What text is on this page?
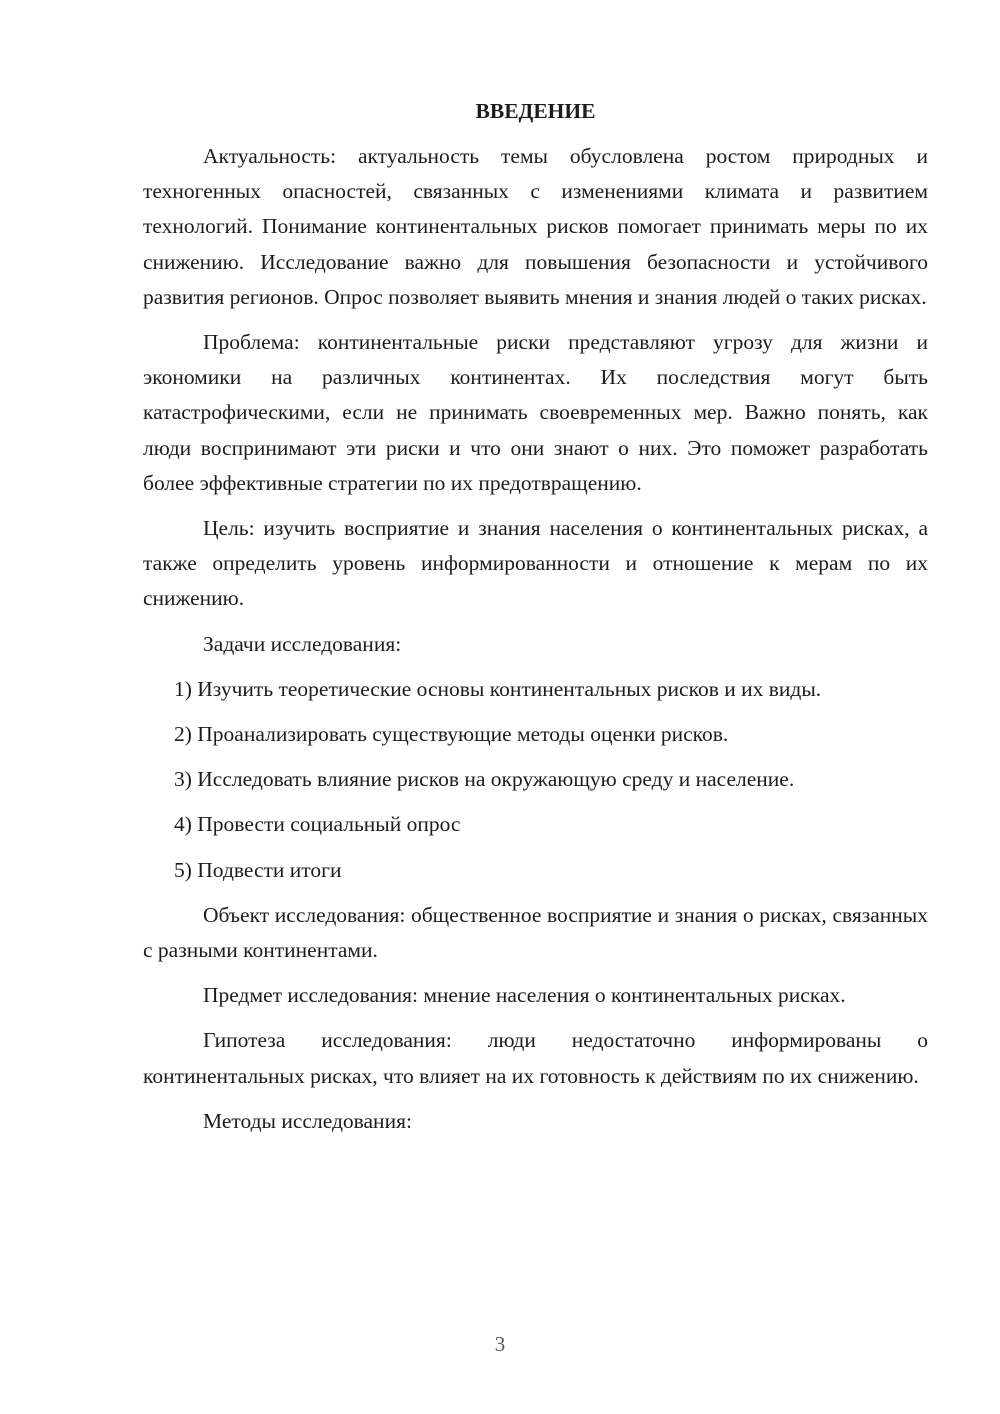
ВВЕДЕНИЕ

Актуальность: актуальность темы обусловлена ростом природных и техногенных опасностей, связанных с изменениями климата и развитием технологий. Понимание континентальных рисков помогает принимать меры по их снижению. Исследование важно для повышения безопасности и устойчивого развития регионов. Опрос позволяет выявить мнения и знания людей о таких рисках.

Проблема: континентальные риски представляют угрозу для жизни и экономики на различных континентах. Их последствия могут быть катастрофическими, если не принимать своевременных мер. Важно понять, как люди воспринимают эти риски и что они знают о них. Это поможет разработать более эффективные стратегии по их предотвращению.

Цель: изучить восприятие и знания населения о континентальных рисках, а также определить уровень информированности и отношение к мерам по их снижению.

Задачи исследования:

1) Изучить теоретические основы континентальных рисков и их виды.
2) Проанализировать существующие методы оценки рисков.
3) Исследовать влияние рисков на окружающую среду и население.
4) Провести социальный опрос
5) Подвести итоги

Объект исследования: общественное восприятие и знания о рисках, связанных с разными континентами.

Предмет исследования: мнение населения о континентальных рисках.

Гипотеза исследования: люди недостаточно информированы о континентальных рисках, что влияет на их готовность к действиям по их снижению.

Методы исследования:

3
